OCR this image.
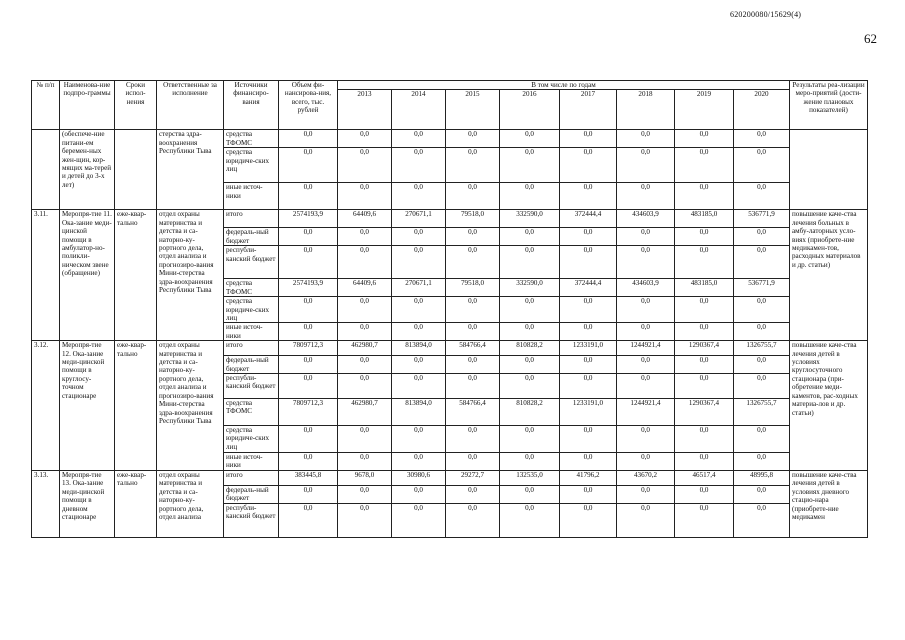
620200080/15629(4)
62
№ п/п	Наименова-ние подпро-граммы	Сроки испол-нения	Ответственные за исполнение	Источники финансиро-вания	Объем фи-нансирова-ния, всего, тыс. рублей	В том числе по годам								Результаты реа-лизации меро-приятий (дости-жение плановых показателей)
						2013	2014	2015	2016	2017	2018	2019	2020	
	(обеспече-ние питани-ем беремен-ных жен-щин, кор-мящих ма-терей и детей до 3-х лет)		стерства здра-воохранения Республики Тыва	средства ТФОМС	0,0	0,0	0,0	0,0	0,0	0,0	0,0	0,0	0,0	
				средства юридиче-ских лиц	0,0	0,0	0,0	0,0	0,0	0,0	0,0	0,0	0,0	
				иные источ-ники	0,0	0,0	0,0	0,0	0,0	0,0	0,0	0,0	0,0	
3.11.	Меропря-тие 11. Ока-зание меди-цинской помощи в амбулатор-но-поликли-ническом звене (обращение)	еже-квар-тально	отдел охраны материнства и детства и са-наторно-ку-рортного дела, отдел анализа и прогнозиро-вания Мини-стерства здра-воохранения Республики Тыва	итого	2574193,9	64409,6	270671,1	79518,0	332590,0	372444,4	434603,9	483185,0	536771,9	повышение каче-ства лечения больных в амбу-латорных усло-виях (приобрете-ние медикамен-тов, расходных материалов и др. статьи)
				федераль-ный бюджет	0,0	0,0	0,0	0,0	0,0	0,0	0,0	0,0	0,0	
				республи-канский бюджет	0,0	0,0	0,0	0,0	0,0	0,0	0,0	0,0	0,0	
				средства ТФОМС	2574193,9	64409,6	270671,1	79518,0	332590,0	372444,4	434603,9	483185,0	536771,9	
				средства юридиче-ских лиц	0,0	0,0	0,0	0,0	0,0	0,0	0,0	0,0	0,0	
				иные источ-ники	0,0	0,0	0,0	0,0	0,0	0,0	0,0	0,0	0,0	
3.12.	Меропря-тие 12. Ока-зание меди-цинской помощи в круглосу-точном стационаре	еже-квар-тально	отдел охраны материнства и детства и са-наторно-ку-рортного дела, отдел анализа и прогнозиро-вания Мини-стерства здра-воохранения Республики Тыва	итого	7809712,3	462980,7	813894,0	584766,4	810828,2	1233191,0	1244921,4	1290367,4	1326755,7	повышение каче-ства лечения детей в условиях круглосуточного стационара (при-обретение меди-каментов, рас-ходных материа-лов и др. статьи)
				федераль-ный бюджет	0,0	0,0	0,0	0,0	0,0	0,0	0,0	0,0	0,0	
				республи-канский бюджет	0,0	0,0	0,0	0,0	0,0	0,0	0,0	0,0	0,0	
				средства ТФОМС	7809712,3	462980,7	813894,0	584766,4	810828,2	1233191,0	1244921,4	1290367,4	1326755,7	
				средства юридиче-ских лиц	0,0	0,0	0,0	0,0	0,0	0,0	0,0	0,0	0,0	
				иные источ-ники	0,0	0,0	0,0	0,0	0,0	0,0	0,0	0,0	0,0	
3.13.	Меропря-тие 13. Ока-зание меди-цинской помощи в дневном стационаре	еже-квар-тально	отдел охраны материнства и детства и са-наторно-ку-рортного дела, отдел анализа	итого	383445,8	9678,0	30980,6	29272,7	132535,0	41796,2	43670,2	46517,4	48995,8	повышение каче-ства лечения детей в условиях дневного стацио-нара (приобрете-ние медикамен
				федераль-ный бюджет	0,0	0,0	0,0	0,0	0,0	0,0	0,0	0,0	0,0	
				республи-канский бюджет	0,0	0,0	0,0	0,0	0,0	0,0	0,0	0,0	0,0	
